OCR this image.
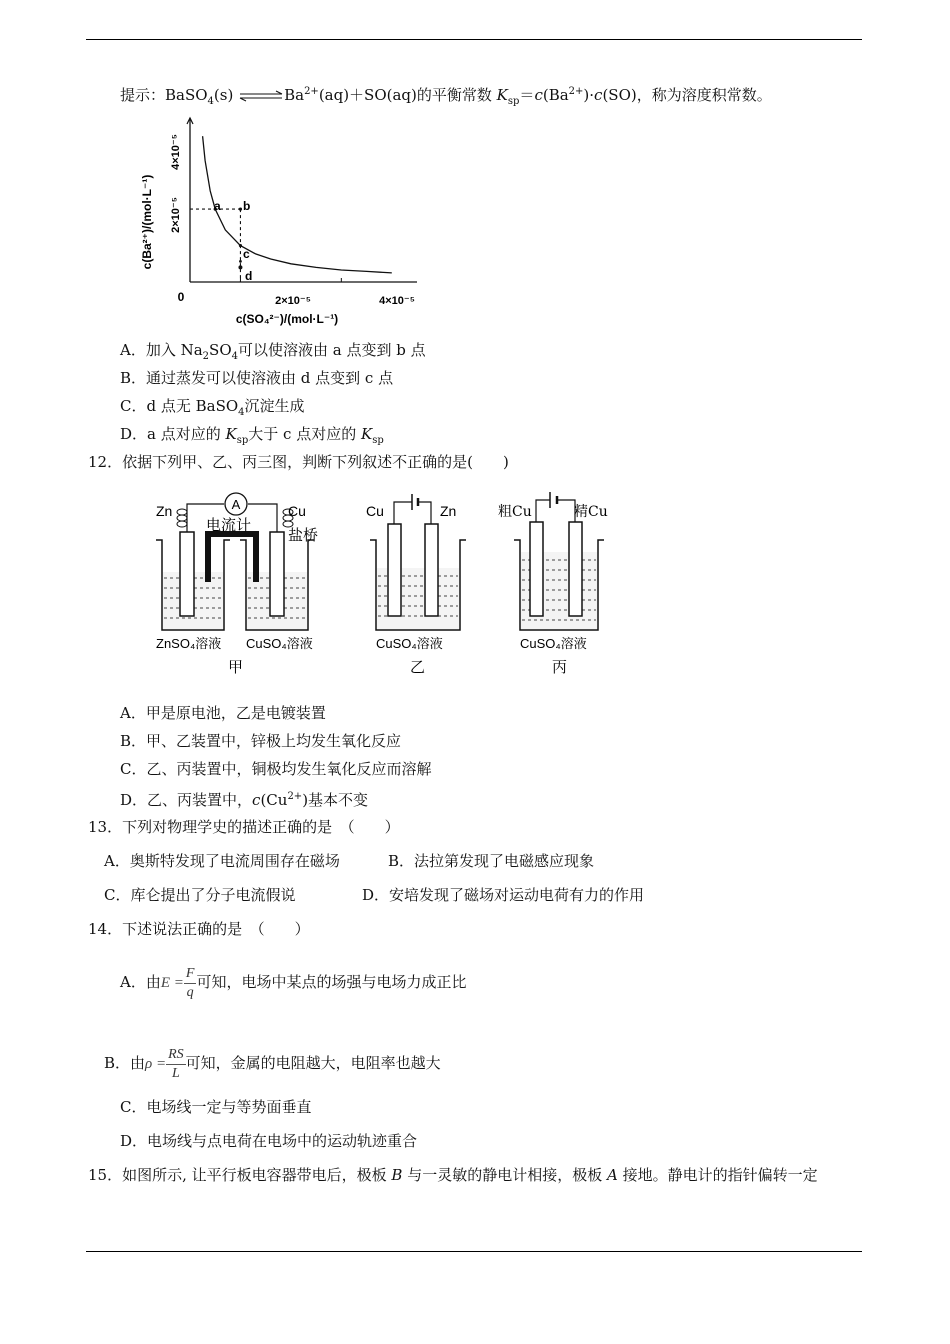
提示：BaSO$_4$(s) $\rightleftharpoons Ba^{2+}(aq)+SO(aq)$的平衡常数 $K_{sp}=c(Ba^{2+})\cdot c(SO)$，称为溶度积常数。
c(Ba²⁺)/(mol·L⁻¹)
4×10⁻⁵
2×10⁻⁵
0	2×10⁻⁵	4×10⁻⁵
c(SO₄²⁻)/(mol·L⁻¹)
a b
c
d
A．加入 $Na_2SO_4$可以使溶液由 a 点变到 b 点
B．通过蒸发可以使溶液由 d 点变到 c 点
C．d 点无 BaSO$_4$沉淀生成
D．a 点对应的 $K_{sp}$大于 c 点对应的 $K_{sp}$
12．依据下列甲、乙、丙三图，判断下列叙述不正确的是(　　)
A
Zn	Cu
电流计
盐桥
ZnSO₄溶液 CuSO₄溶液
甲
Cu	Zn
CuSO₄溶液
乙
粗Cu	精Cu
CuSO₄溶液
丙
A．甲是原电池，乙是电镀装置
B．甲、乙装置中，锌极上均发生氧化反应
C．乙、丙装置中，铜极均发生氧化反应而溶解
D．乙、丙装置中，$c(Cu^{2+})$基本不变
13．下列对物理学史的描述正确的是　（　　）
A．奥斯特发现了电流周围存在磁场	B．法拉第发现了电磁感应现象
C．库仑提出了分子电流假说	D．安培发现了磁场对运动电荷有力的作用
14．下述说法正确的是　（　　）
A．由$E = \frac{F}{q}$ 可知，电场中某点的场强与电场力成正比
B．由$\rho = \frac{RS}{L}$ 可知，金属的电阻越大，电阻率也越大
C．电场线一定与等势面垂直
D．电场线与点电荷在电场中的运动轨迹重合
15．如图所示, 让平行板电容器带电后，极板 B 与一灵敏的静电计相接，极板 A 接地。静电计的指针偏转一定
